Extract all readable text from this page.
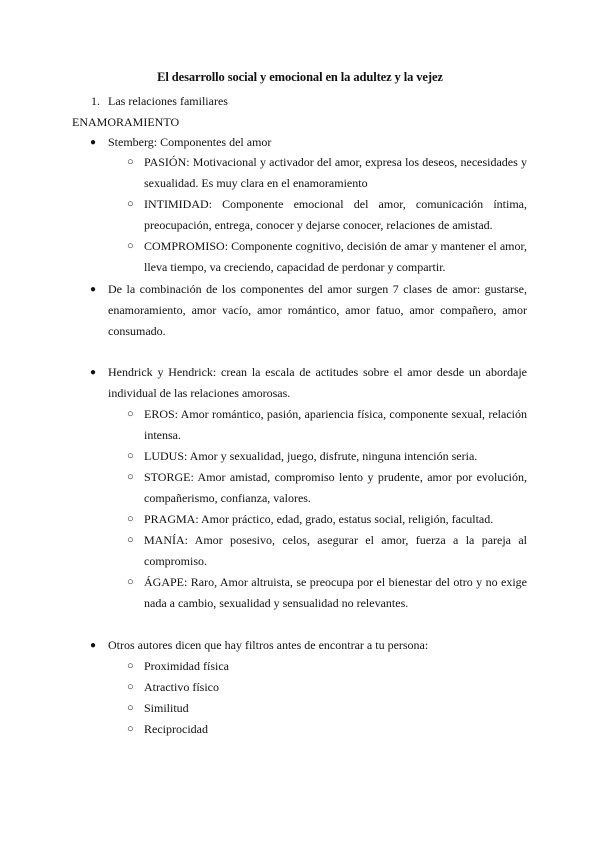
El desarrollo social y emocional en la adultez y la vejez
1. Las relaciones familiares
ENAMORAMIENTO
● Stemberg: Componentes del amor
○ PASIÓN: Motivacional y activador del amor, expresa los deseos, necesidades y sexualidad. Es muy clara en el enamoramiento
○ INTIMIDAD: Componente emocional del amor, comunicación íntima, preocupación, entrega, conocer y dejarse conocer, relaciones de amistad.
○ COMPROMISO: Componente cognitivo, decisión de amar y mantener el amor, lleva tiempo, va creciendo, capacidad de perdonar y compartir.
● De la combinación de los componentes del amor surgen 7 clases de amor: gustarse, enamoramiento, amor vacío, amor romántico, amor fatuo, amor compañero, amor consumado.
● Hendrick y Hendrick: crean la escala de actitudes sobre el amor desde un abordaje individual de las relaciones amorosas.
○ EROS: Amor romántico, pasión, apariencia física, componente sexual, relación intensa.
○ LUDUS: Amor y sexualidad, juego, disfrute, ninguna intención seria.
○ STORGE: Amor amistad, compromiso lento y prudente, amor por evolución, compañerismo, confianza, valores.
○ PRAGMA: Amor práctico, edad, grado, estatus social, religión, facultad.
○ MANÍA: Amor posesivo, celos, asegurar el amor, fuerza a la pareja al compromiso.
○ ÁGAPE: Raro, Amor altruista, se preocupa por el bienestar del otro y no exige nada a cambio, sexualidad y sensualidad no relevantes.
● Otros autores dicen que hay filtros antes de encontrar a tu persona:
○ Proximidad física
○ Atractivo físico
○ Similitud
○ Reciprocidad
